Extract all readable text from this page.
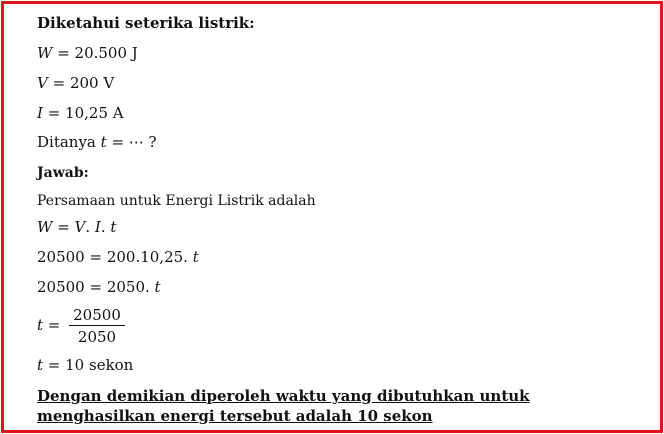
Diketahui seterika listrik:
W = 20.500 J
V = 200 V
I = 10,25 A
Ditanya t = ⋯ ?
Jawab:
Persamaan untuk Energi Listrik adalah
W = V. I. t
20500 = 200.10,25. t
20500 = 2050. t
$t = \frac{20500}{2050}$
t = 10 sekon
Dengan demikian diperoleh waktu yang dibutuhkan untuk menghasilkan energi tersebut adalah 10 sekon
